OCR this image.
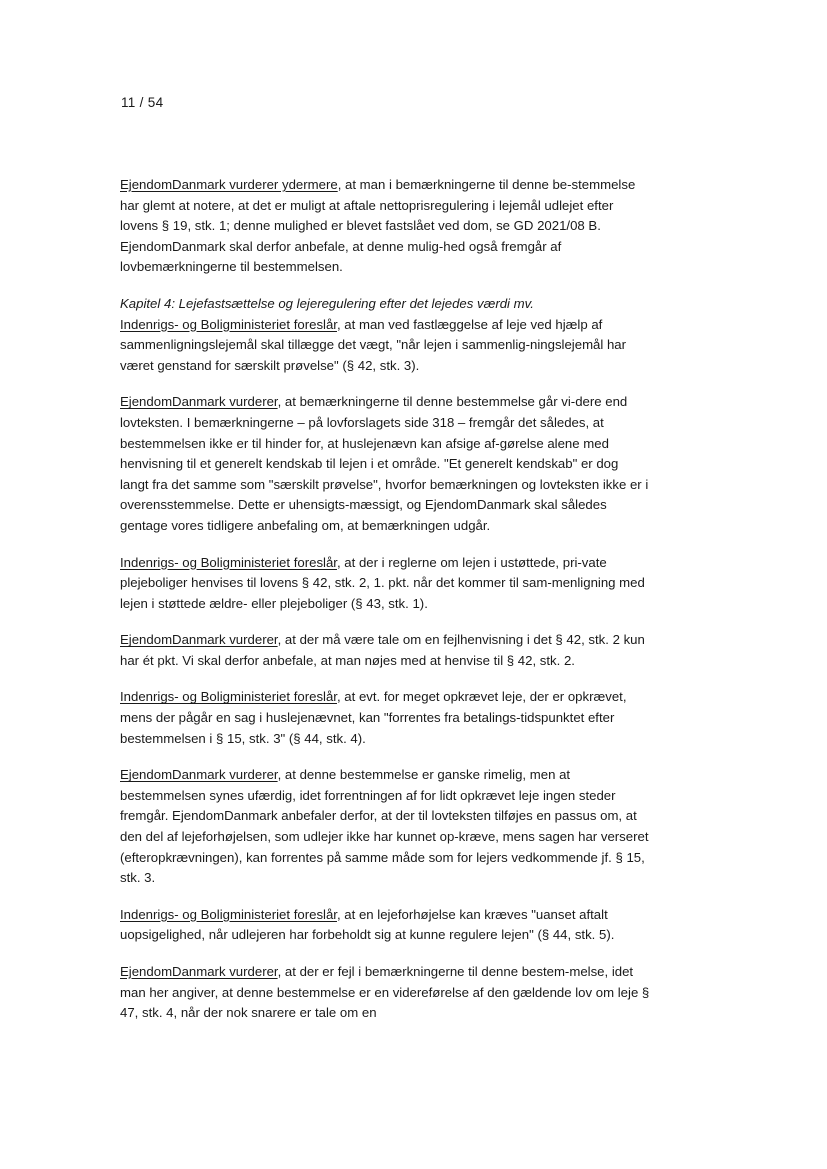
11 / 54

EjendomDanmark vurderer ydermere, at man i bemærkningerne til denne be-stemmelse har glemt at notere, at det er muligt at aftale nettoprisregulering i lejemål udlejet efter lovens § 19, stk. 1; denne mulighed er blevet fastslået ved dom, se GD 2021/08 B. EjendomDanmark skal derfor anbefale, at denne mulig-hed også fremgår af lovbemærkningerne til bestemmelsen.

Kapitel 4: Lejefastsættelse og lejeregulering efter det lejedes værdi mv.
Indenrigs- og Boligministeriet foreslår, at man ved fastlæggelse af leje ved hjælp af sammenligningslejemål skal tillægge det vægt, "når lejen i sammenlig-ningslejemål har været genstand for særskilt prøvelse" (§ 42, stk. 3).

EjendomDanmark vurderer, at bemærkningerne til denne bestemmelse går vi-dere end lovteksten. I bemærkningerne – på lovforslagets side 318 – fremgår det således, at bestemmelsen ikke er til hinder for, at huslejenævn kan afsige af-gørelse alene med henvisning til et generelt kendskab til lejen i et område. "Et generelt kendskab" er dog langt fra det samme som "særskilt prøvelse", hvorfor bemærkningen og lovteksten ikke er i overensstemmelse. Dette er uhensigts-mæssigt, og EjendomDanmark skal således gentage vores tidligere anbefaling om, at bemærkningen udgår.

Indenrigs- og Boligministeriet foreslår, at der i reglerne om lejen i ustøttede, pri-vate plejeboliger henvises til lovens § 42, stk. 2, 1. pkt. når det kommer til sam-menligning med lejen i støttede ældre- eller plejeboliger (§ 43, stk. 1).

EjendomDanmark vurderer, at der må være tale om en fejlhenvisning i det § 42, stk. 2 kun har ét pkt. Vi skal derfor anbefale, at man nøjes med at henvise til § 42, stk. 2.

Indenrigs- og Boligministeriet foreslår, at evt. for meget opkrævet leje, der er opkrævet, mens der pågår en sag i huslejenævnet, kan "forrentes fra betalings-tidspunktet efter bestemmelsen i § 15, stk. 3" (§ 44, stk. 4).

EjendomDanmark vurderer, at denne bestemmelse er ganske rimelig, men at bestemmelsen synes ufærdig, idet forrentningen af for lidt opkrævet leje ingen steder fremgår. EjendomDanmark anbefaler derfor, at der til lovteksten tilføjes en passus om, at den del af lejeforhøjelsen, som udlejer ikke har kunnet op-kræve, mens sagen har verseret (efteropkrævningen), kan forrentes på samme måde som for lejers vedkommende jf. § 15, stk. 3.

Indenrigs- og Boligministeriet foreslår, at en lejeforhøjelse kan kræves "uanset aftalt uopsigelighed, når udlejeren har forbeholdt sig at kunne regulere lejen" (§ 44, stk. 5).

EjendomDanmark vurderer, at der er fejl i bemærkningerne til denne bestem-melse, idet man her angiver, at denne bestemmelse er en videreførelse af den gældende lov om leje § 47, stk. 4, når der nok snarere er tale om en
